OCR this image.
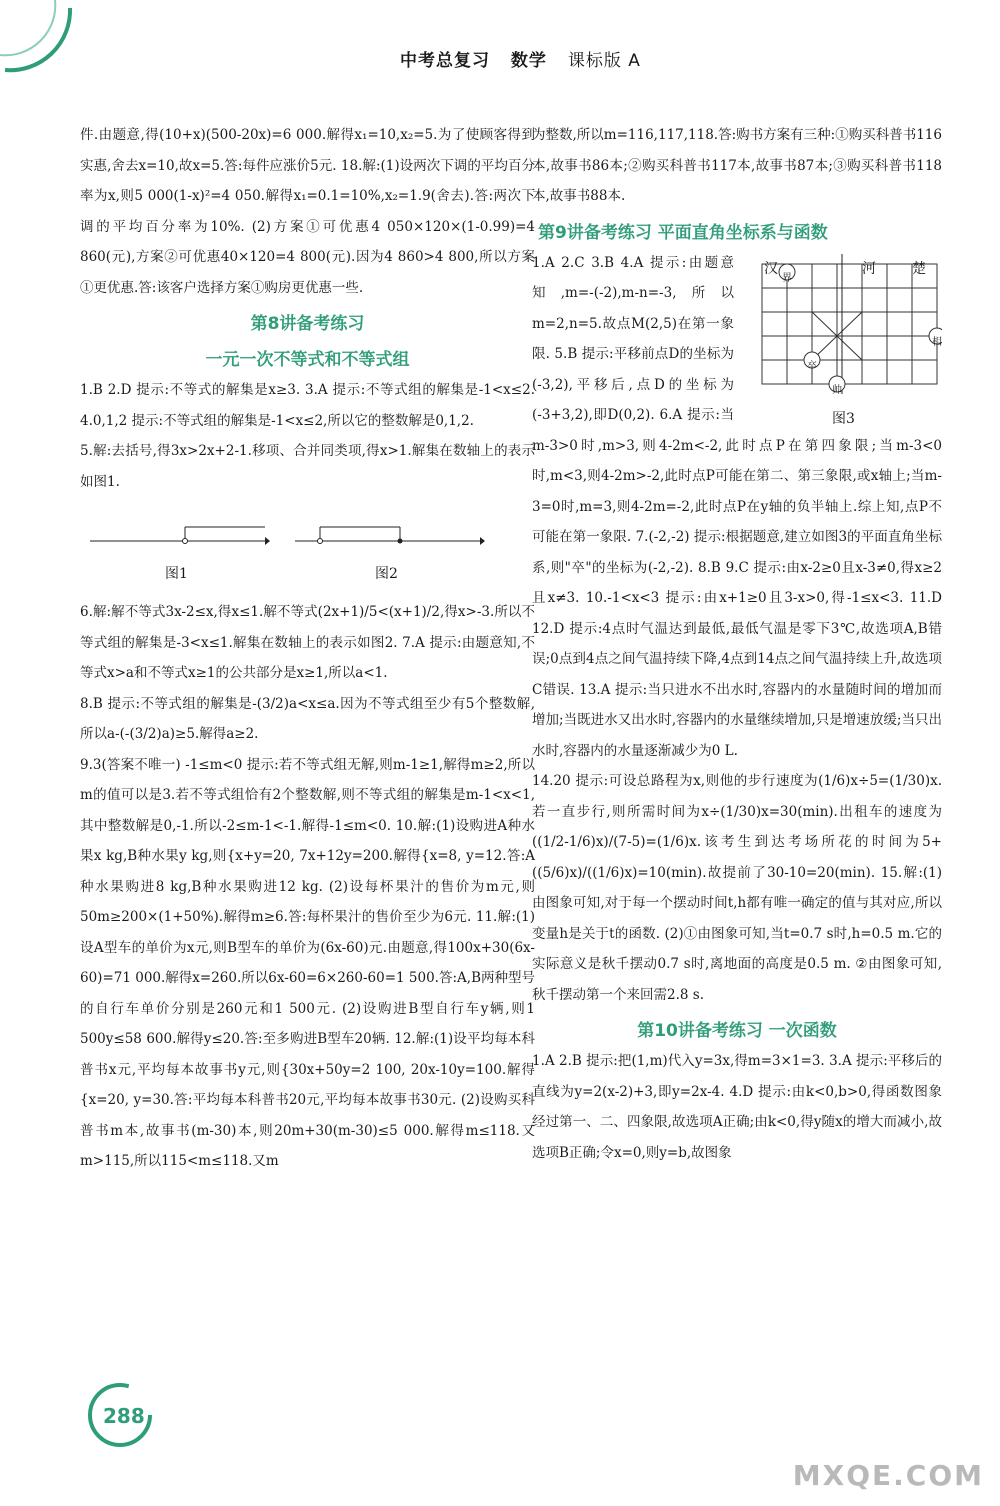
中考总复习 数学 课标版 A

件.由题意,得(10+x)(500-20x)=6 000.解得x₁=10,x₂=5.为了使顾客得到实惠,舍去x=10,故x=5.答:每件应涨价5元. 18.解:(1)设两次下调的平均百分率为x,则5 000(1-x)²=4 050.解得x₁=0.1=10%,x₂=1.9(舍去).答:两次下调的平均百分率为10%. (2)方案①可优惠4 050×120×(1-0.99)=4 860(元),方案②可优惠40×120=4 800(元).因为4 860>4 800,所以方案①更优惠.答:该客户选择方案①购房更优惠一些.

第8讲备考练习
一元一次不等式和不等式组

1.B 2.D 提示:不等式的解集是x≥3. 3.A 提示:不等式组的解集是-1<x≤2. 4.0,1,2 提示:不等式组的解集是-1<x≤2,所以它的整数解是0,1,2.

5.解:去括号,得3x>2x+2-1.移项、合并同类项,得x>1.解集在数轴上的表示如图1.

图1	图2

6.解:解不等式3x-2≤x,得x≤1.解不等式(2x+1)/5<(x+1)/2,得x>-3.所以不等式组的解集是-3<x≤1.解集在数轴上的表示如图2. 7.A 提示:由题意知,不等式x>a和不等式x≥1的公共部分是x≥1,所以a<1.

8.B 提示:不等式组的解集是-(3/2)a<x≤a.因为不等式组至少有5个整数解,所以a-(-(3/2)a)≥5.解得a≥2.

9.3(答案不唯一) -1≤m<0 提示:若不等式组无解,则m-1≥1,解得m≥2,所以m的值可以是3.若不等式组恰有2个整数解,则不等式组的解集是m-1<x<1,其中整数解是0,-1.所以-2≤m-1<-1.解得-1≤m<0. 10.解:(1)设购进A种水果x kg,B种水果y kg,则{x+y=20, 7x+12y=200.解得{x=8, y=12.答:A种水果购进8 kg,B种水果购进12 kg. (2)设每杯果汁的售价为m元,则50m≥200×(1+50%).解得m≥6.答:每杯果汁的售价至少为6元. 11.解:(1)设A型车的单价为x元,则B型车的单价为(6x-60)元.由题意,得100x+30(6x-60)=71 000.解得x=260.所以6x-60=6×260-60=1 500.答:A,B两种型号的自行车单价分别是260元和1 500元. (2)设购进B型自行车y辆,则1 500y≤58 600.解得y≤20.答:至多购进B型车20辆. 12.解:(1)设平均每本科普书x元,平均每本故事书y元,则{30x+50y=2 100, 20x-10y=100.解得{x=20, y=30.答:平均每本科普书20元,平均每本故事书30元. (2)设购买科普书m本,故事书(m-30)本,则20m+30(m-30)≤5 000.解得m≤118.又m>115,所以115<m≤118.又m

为整数,所以m=116,117,118.答:购书方案有三种:①购买科普书116本,故事书86本;②购买科普书117本,故事书87本;③购买科普书118本,故事书88本.

第9讲备考练习 平面直角坐标系与函数
汉
界
河	楚
卒
帅
相
图3

1.A 2.C 3.B 4.A 提示:由题意知,m=-(-2),m-n=-3,所以m=2,n=5.故点M(2,5)在第一象限. 5.B 提示:平移前点D的坐标为(-3,2),平移后,点D的坐标为(-3+3,2),即D(0,2). 6.A 提示:当m-3>0时,m>3,则4-2m<-2,此时点P在第四象限;当m-3<0时,m<3,则4-2m>-2,此时点P可能在第二、第三象限,或x轴上;当m-3=0时,m=3,则4-2m=-2,此时点P在y轴的负半轴上.综上知,点P不可能在第一象限. 7.(-2,-2) 提示:根据题意,建立如图3的平面直角坐标系,则"卒"的坐标为(-2,-2). 8.B 9.C 提示:由x-2≥0且x-3≠0,得x≥2且x≠3. 10.-1<x<3 提示:由x+1≥0且3-x>0,得-1≤x<3. 11.D 12.D 提示:4点时气温达到最低,最低气温是零下3℃,故选项A,B错误;0点到4点之间气温持续下降,4点到14点之间气温持续上升,故选项C错误. 13.A 提示:当只进水不出水时,容器内的水量随时间的增加而增加;当既进水又出水时,容器内的水量继续增加,只是增速放缓;当只出水时,容器内的水量逐渐减少为0 L.

14.20 提示:可设总路程为x,则他的步行速度为(1/6)x÷5=(1/30)x.若一直步行,则所需时间为x÷(1/30)x=30(min).出租车的速度为((1/2-1/6)x)/(7-5)=(1/6)x.该考生到达考场所花的时间为5+((5/6)x)/((1/6)x)=10(min).故提前了30-10=20(min). 15.解:(1)由图象可知,对于每一个摆动时间t,h都有唯一确定的值与其对应,所以变量h是关于t的函数. (2)①由图象可知,当t=0.7 s时,h=0.5 m.它的实际意义是秋千摆动0.7 s时,离地面的高度是0.5 m. ②由图象可知,秋千摆动第一个来回需2.8 s.

第10讲备考练习 一次函数

1.A 2.B 提示:把(1,m)代入y=3x,得m=3×1=3. 3.A 提示:平移后的直线为y=2(x-2)+3,即y=2x-4. 4.D 提示:由k<0,b>0,得函数图象经过第一、二、四象限,故选项A正确;由k<0,得y随x的增大而减小,故选项B正确;令x=0,则y=b,故图象

288
MXQE.COM
